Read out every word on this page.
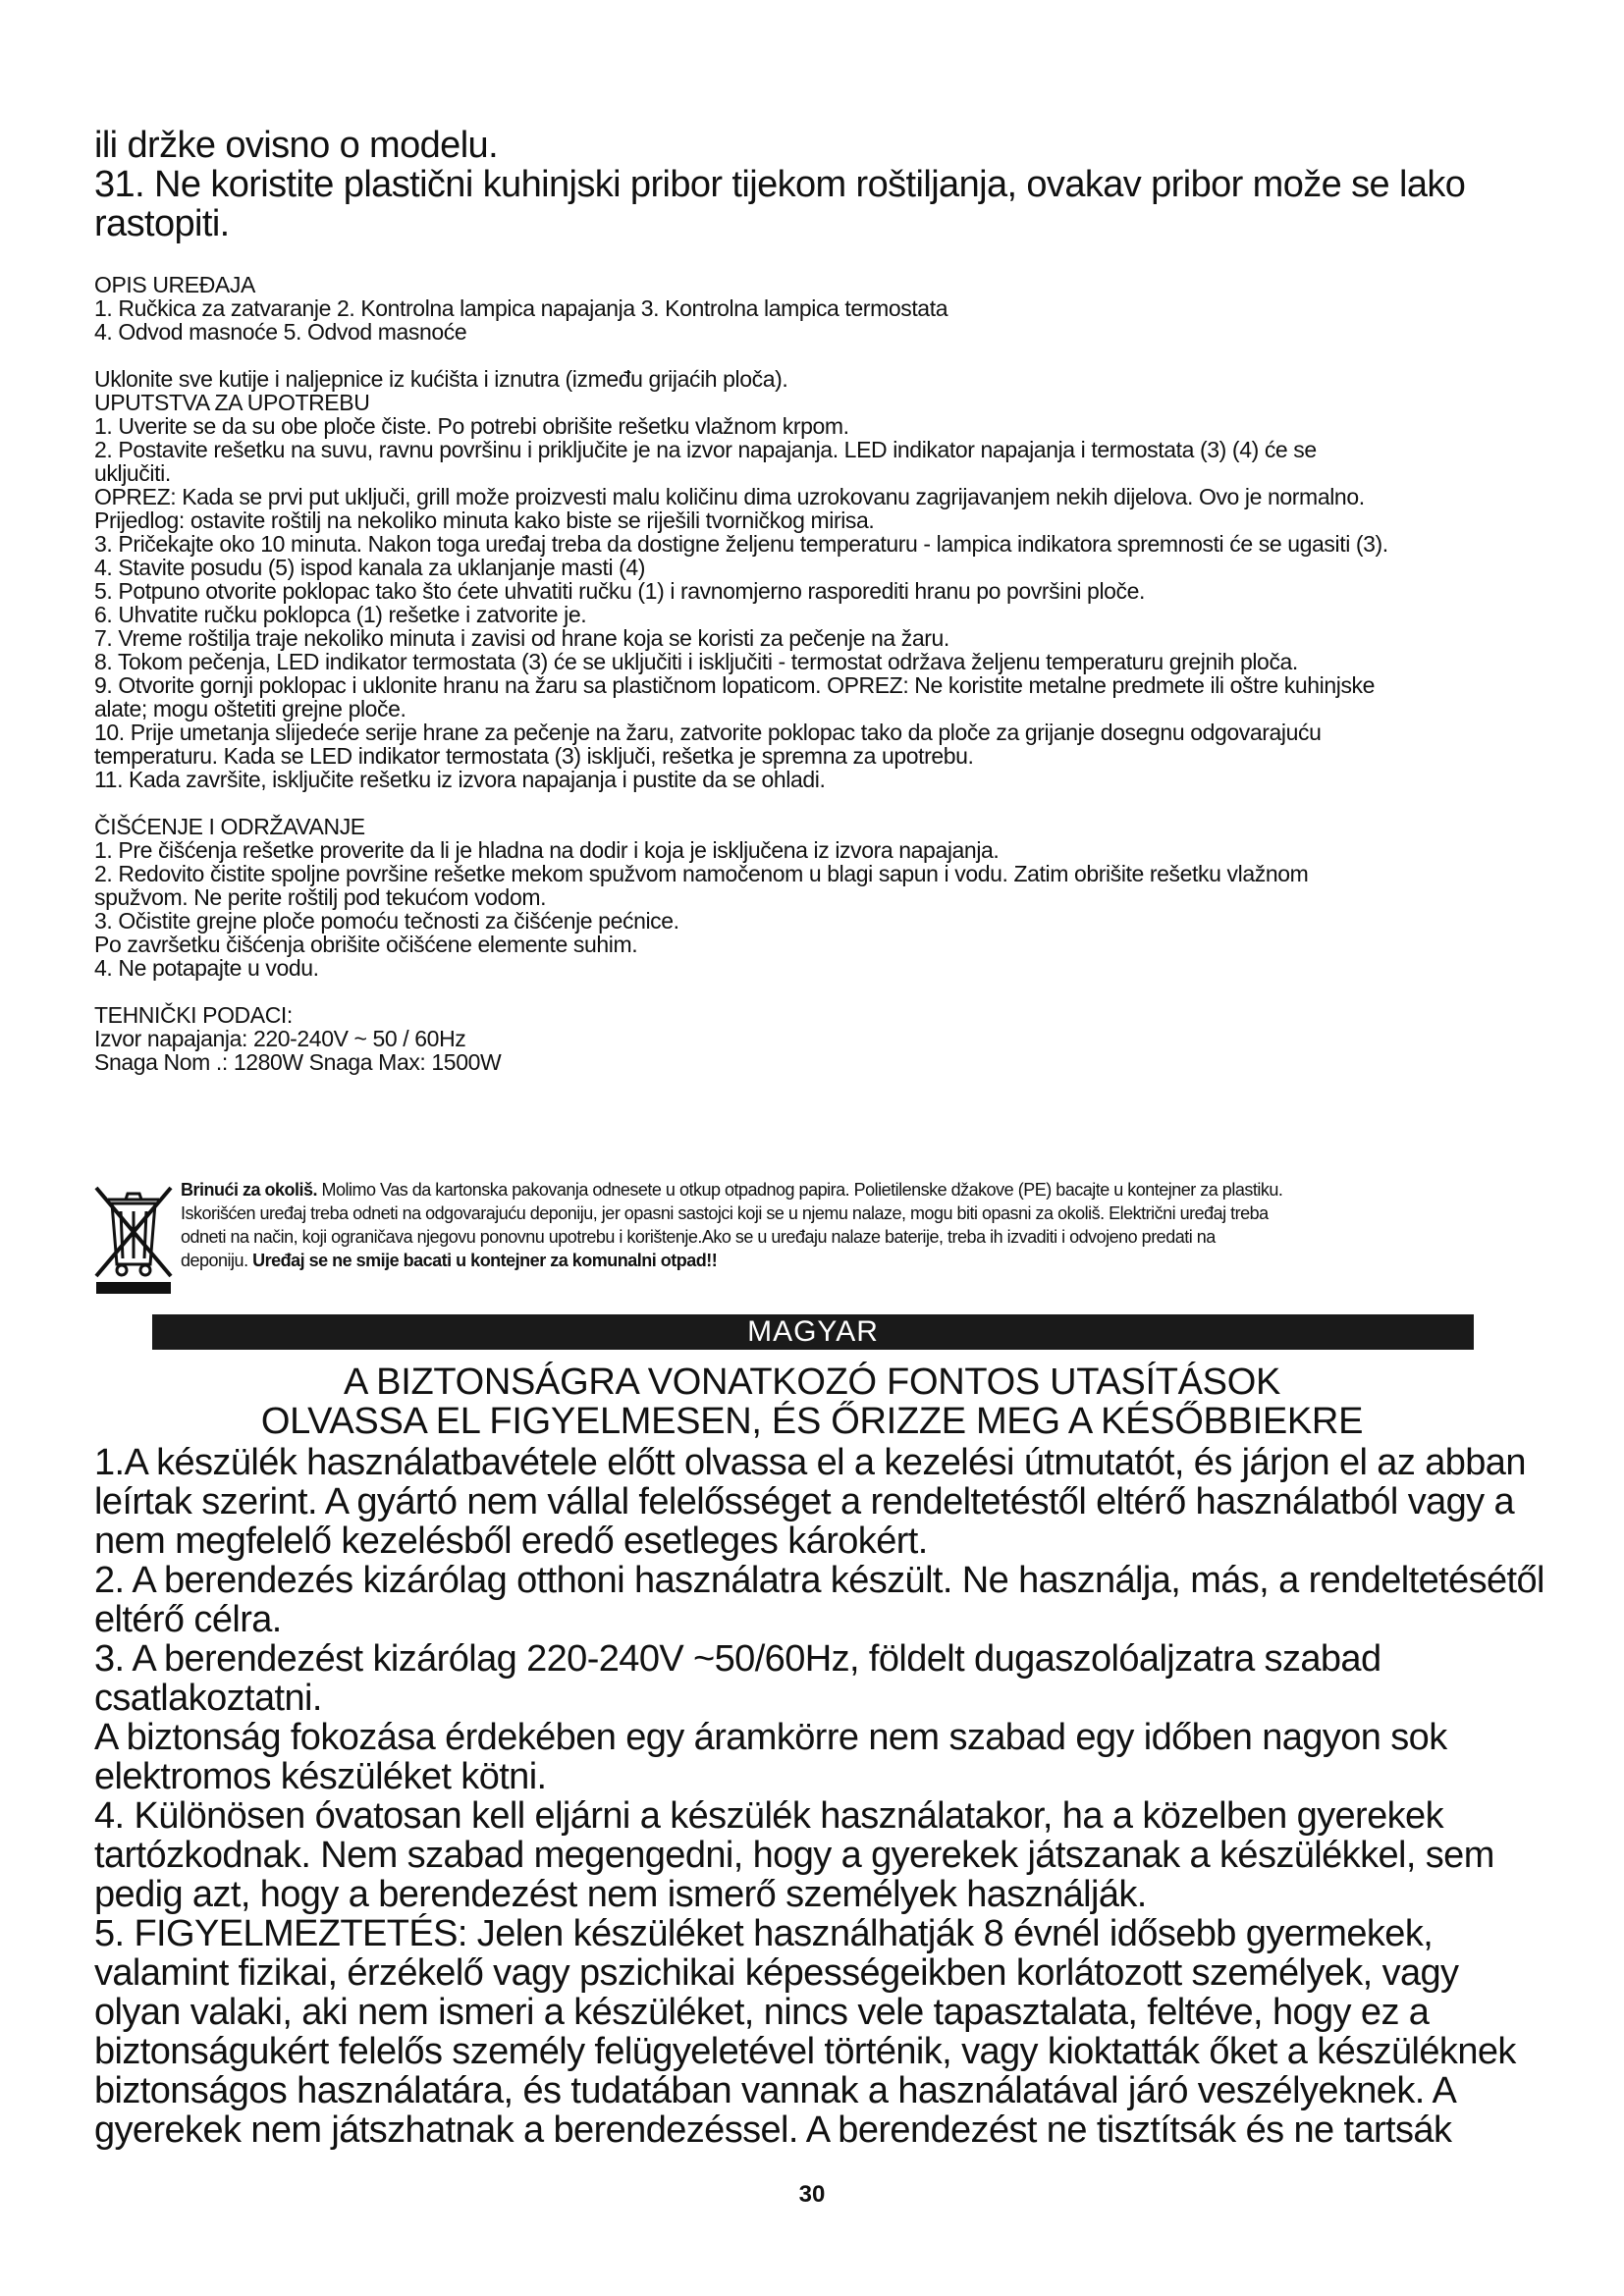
ili držke ovisno o modelu.
31. Ne koristite plastični kuhinjski pribor tijekom roštiljanja, ovakav pribor može se lako
rastopiti.
OPIS UREĐAJA
1. Ručkica za zatvaranje 2. Kontrolna lampica napajanja 3. Kontrolna lampica termostata
4. Odvod masnoće 5. Odvod masnoće
Uklonite sve kutije i naljepnice iz kućišta i iznutra (između grijaćih ploča).
UPUTSTVA ZA UPOTREBU
1. Uverite se da su obe ploče čiste. Po potrebi obrišite rešetku vlažnom krpom.
2. Postavite rešetku na suvu, ravnu površinu i priključite je na izvor napajanja. LED indikator napajanja i termostata (3) (4) će se
uključiti.
OPREZ: Kada se prvi put uključi, grill može proizvesti malu količinu dima uzrokovanu zagrijavanjem nekih dijelova. Ovo je normalno.
Prijedlog: ostavite roštilj na nekoliko minuta kako biste se riješili tvorničkog mirisa.
3. Pričekajte oko 10 minuta. Nakon toga uređaj treba da dostigne željenu temperaturu - lampica indikatora spremnosti će se ugasiti (3).
4. Stavite posudu (5) ispod kanala za uklanjanje masti (4)
5. Potpuno otvorite poklopac tako što ćete uhvatiti ručku (1) i ravnomjerno rasporediti hranu po površini ploče.
6. Uhvatite ručku poklopca (1) rešetke i zatvorite je.
7. Vreme roštilja traje nekoliko minuta i zavisi od hrane koja se koristi za pečenje na žaru.
8. Tokom pečenja, LED indikator termostata (3) će se uključiti i isključiti - termostat održava željenu temperaturu grejnih ploča.
9. Otvorite gornji poklopac i uklonite hranu na žaru sa plastičnom lopaticom. OPREZ: Ne koristite metalne predmete ili oštre kuhinjske
alate; mogu oštetiti grejne ploče.
10. Prije umetanja slijedeće serije hrane za pečenje na žaru, zatvorite poklopac tako da ploče za grijanje dosegnu odgovarajuću
temperaturu. Kada se LED indikator termostata (3) isključi, rešetka je spremna za upotrebu.
11. Kada završite, isključite rešetku iz izvora napajanja i pustite da se ohladi.
ČIŠĆENJE I ODRŽAVANJE
1. Pre čišćenja rešetke proverite da li je hladna na dodir i koja je isključena iz izvora napajanja.
2. Redovito čistite spoljne površine rešetke mekom spužvom namočenom u blagi sapun i vodu. Zatim obrišite rešetku vlažnom
spužvom. Ne perite roštilj pod tekućom vodom.
3. Očistite grejne ploče pomoću tečnosti za čišćenje pećnice.
Po završetku čišćenja obrišite očišćene elemente suhim.
4. Ne potapajte u vodu.
TEHNIČKI PODACI:
Izvor napajanja: 220-240V ~ 50 / 60Hz
Snaga Nom .: 1280W Snaga Max: 1500W
Brinući za okoliš. Molimo Vas da kartonska pakovanja odnesete u otkup otpadnog papira. Polietilenske džakove (PE) bacajte u kontejner za plastiku.
Iskorišćen uređaj treba odneti na odgovarajuću deponiju, jer opasni sastojci koji se u njemu nalaze, mogu biti opasni za okoliš. Električni uređaj treba
odneti na način, koji ograničava njegovu ponovnu upotrebu i korištenje.Ako se u uređaju nalaze baterije, treba ih izvaditi i odvojeno predati na
deponiju. Uređaj se ne smije bacati u kontejner za komunalni otpad!!
MAGYAR
A BIZTONSÁGRA VONATKOZÓ FONTOS UTASÍTÁSOK
OLVASSA EL FIGYELMESEN, ÉS ŐRIZZE MEG A KÉSŐBBIEKRE
1.A készülék használatbavétele előtt olvassa el a kezelési útmutatót, és járjon el az abban
leírtak szerint. A gyártó nem vállal felelősséget a rendeltetéstől eltérő használatból vagy a
nem megfelelő kezelésből eredő esetleges károkért.
2. A berendezés kizárólag otthoni használatra készült. Ne használja, más, a rendeltetésétől
eltérő célra.
3. A berendezést kizárólag 220-240V ~50/60Hz, földelt dugaszolóaljzatra szabad
csatlakoztatni.
A biztonság fokozása érdekében egy áramkörre nem szabad egy időben nagyon sok
elektromos készüléket kötni.
4. Különösen óvatosan kell eljárni a készülék használatakor, ha a közelben gyerekek
tartózkodnak. Nem szabad megengedni, hogy a gyerekek játszanak a készülékkel, sem
pedig azt, hogy a berendezést nem ismerő személyek használják.
5. FIGYELMEZTETÉS: Jelen készüléket használhatják 8 évnél idősebb gyermekek,
valamint fizikai, érzékelő vagy pszichikai képességeikben korlátozott személyek, vagy
olyan valaki, aki nem ismeri a készüléket, nincs vele tapasztalata, feltéve, hogy ez a
biztonságukért felelős személy felügyeletével történik, vagy kioktatták őket a készüléknek
biztonságos használatára, és tudatában vannak a használatával járó veszélyeknek. A
gyerekek nem játszhatnak a berendezéssel. A berendezést ne tisztítsák és ne tartsák
30
